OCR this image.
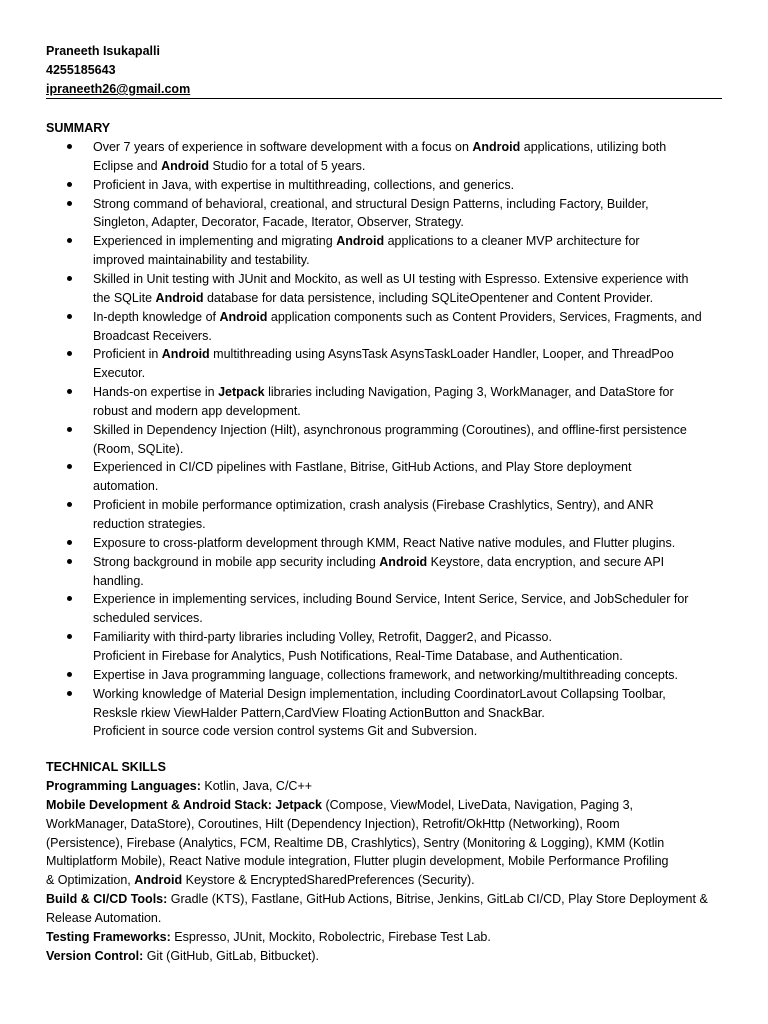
Praneeth Isukapalli
4255185643
ipraneeth26@gmail.com
SUMMARY
Over 7 years of experience in software development with a focus on Android applications, utilizing both
Eclipse and Android Studio for a total of 5 years.
Proficient in Java, with expertise in multithreading, collections, and generics.
Strong command of behavioral, creational, and structural Design Patterns, including Factory, Builder,
Singleton, Adapter, Decorator, Facade, Iterator, Observer, Strategy.
Experienced in implementing and migrating Android applications to a cleaner MVP architecture for
improved maintainability and testability.
Skilled in Unit testing with JUnit and Mockito, as well as UI testing with Espresso. Extensive experience with
the SQLite Android database for data persistence, including SQLiteOpentener and Content Provider.
In-depth knowledge of Android application components such as Content Providers, Services, Fragments, and
Broadcast Receivers.
Proficient in Android multithreading using AsynsTask AsynsTaskLoader Handler, Looper, and ThreadPoo
Executor.
Hands-on expertise in Jetpack libraries including Navigation, Paging 3, WorkManager, and DataStore for
robust and modern app development.
Skilled in Dependency Injection (Hilt), asynchronous programming (Coroutines), and offline-first persistence
(Room, SQLite).
Experienced in CI/CD pipelines with Fastlane, Bitrise, GitHub Actions, and Play Store deployment
automation.
Proficient in mobile performance optimization, crash analysis (Firebase Crashlytics, Sentry), and ANR
reduction strategies.
Exposure to cross-platform development through KMM, React Native native modules, and Flutter plugins.
Strong background in mobile app security including Android Keystore, data encryption, and secure API
handling.
Experience in implementing services, including Bound Service, Intent Serice, Service, and JobScheduler for
scheduled services.
Familiarity with third-party libraries including Volley, Retrofit, Dagger2, and Picasso.
Proficient in Firebase for Analytics, Push Notifications, Real-Time Database, and Authentication.
Expertise in Java programming language, collections framework, and networking/multithreading concepts.
Working knowledge of Material Design implementation, including CoordinatorLavout Collapsing Toolbar,
Resksle rkiew ViewHalder Pattern,CardView Floating ActionButton and SnackBar.
Proficient in source code version control systems Git and Subversion.
TECHNICAL SKILLS
Programming Languages: Kotlin, Java, C/C++
Mobile Development & Android Stack: Jetpack (Compose, ViewModel, LiveData, Navigation, Paging 3,
WorkManager, DataStore), Coroutines, Hilt (Dependency Injection), Retrofit/OkHttp (Networking), Room
(Persistence), Firebase (Analytics, FCM, Realtime DB, Crashlytics), Sentry (Monitoring & Logging), KMM (Kotlin
Multiplatform Mobile), React Native module integration, Flutter plugin development, Mobile Performance Profiling
& Optimization, Android Keystore & EncryptedSharedPreferences (Security).
Build & CI/CD Tools: Gradle (KTS), Fastlane, GitHub Actions, Bitrise, Jenkins, GitLab CI/CD, Play Store Deployment &
Release Automation.
Testing Frameworks: Espresso, JUnit, Mockito, Robolectric, Firebase Test Lab.
Version Control: Git (GitHub, GitLab, Bitbucket).
